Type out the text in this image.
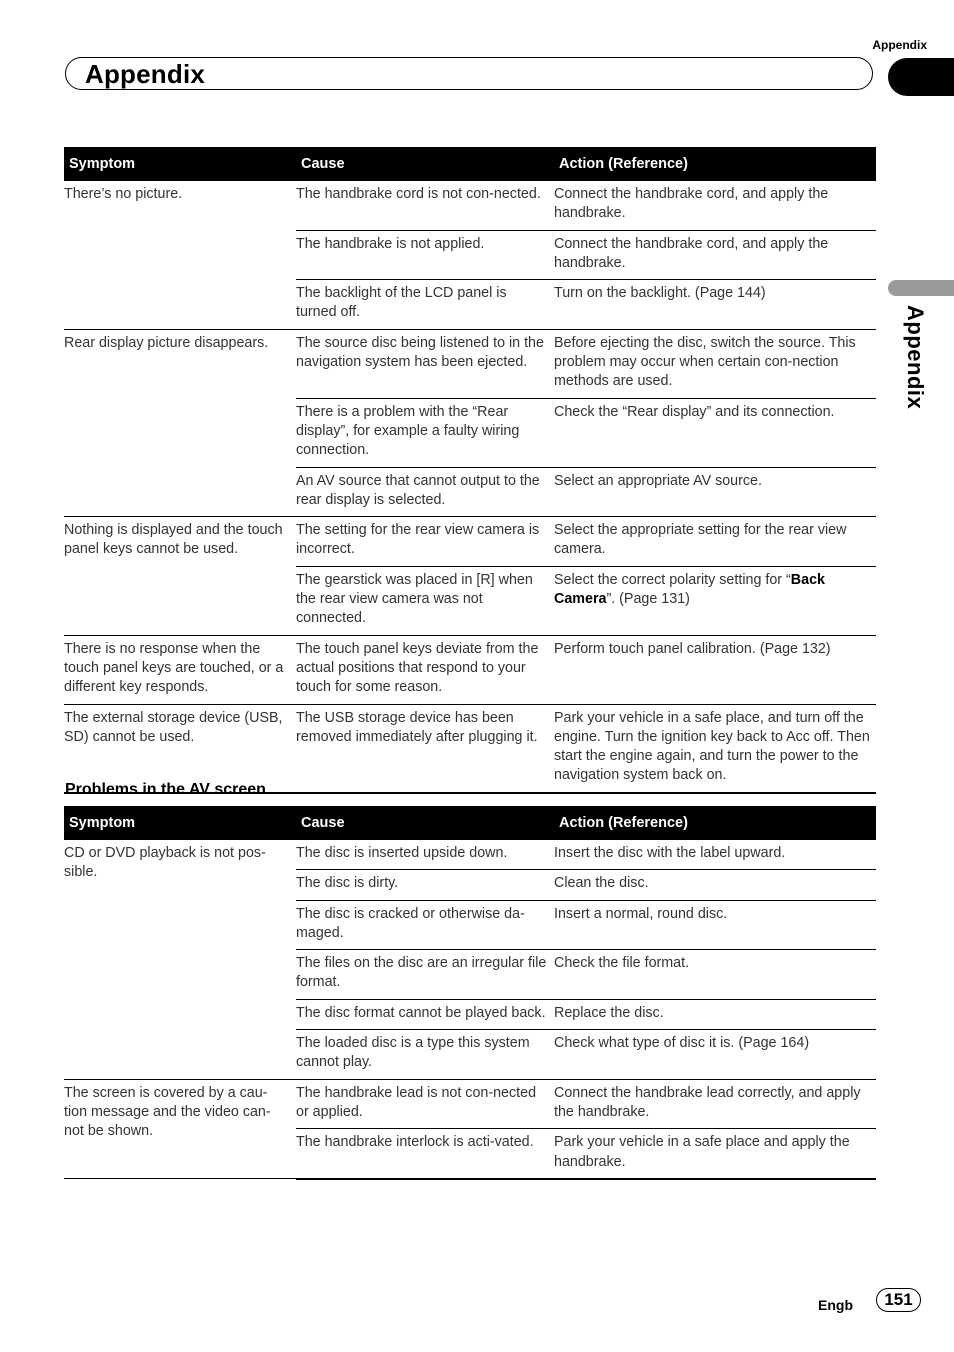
Appendix
Appendix
Appendix
Symptom	Cause	Action (Reference)
There’s no picture.	The handbrake cord is not con-nected.	Connect the handbrake cord, and apply the handbrake.
	The handbrake is not applied.	Connect the handbrake cord, and apply the handbrake.
	The backlight of the LCD panel is turned off.	Turn on the backlight. (Page 144)
Rear display picture disappears.	The source disc being listened to in the navigation system has been ejected.	Before ejecting the disc, switch the source. This problem may occur when certain con-nection methods are used.
	There is a problem with the “Rear display”, for example a faulty wiring connection.	Check the “Rear display” and its connection.
	An AV source that cannot output to the rear display is selected.	Select an appropriate AV source.
Nothing is displayed and the touch panel keys cannot be used.	The setting for the rear view camera is incorrect.	Select the appropriate setting for the rear view camera.
	The gearstick was placed in [R] when the rear view camera was not connected.	Select the correct polarity setting for “Back Camera”. (Page 131)
There is no response when the touch panel keys are touched, or a different key responds.	The touch panel keys deviate from the actual positions that respond to your touch for some reason.	Perform touch panel calibration. (Page 132)
The external storage device (USB, SD) cannot be used.	The USB storage device has been removed immediately after plugging it.	Park your vehicle in a safe place, and turn off the engine. Turn the ignition key back to Acc off. Then start the engine again, and turn the power to the navigation system back on.
Problems in the AV screen
Symptom	Cause	Action (Reference)
CD or DVD playback is not pos-sible.	The disc is inserted upside down.	Insert the disc with the label upward.
	The disc is dirty.	Clean the disc.
	The disc is cracked or otherwise da-maged.	Insert a normal, round disc.
	The files on the disc are an irregular file format.	Check the file format.
	The disc format cannot be played back.	Replace the disc.
	The loaded disc is a type this system cannot play.	Check what type of disc it is. (Page 164)
The screen is covered by a cau-tion message and the video can-not be shown.	The handbrake lead is not con-nected or applied.	Connect the handbrake lead correctly, and apply the handbrake.
	The handbrake interlock is acti-vated.	Park your vehicle in a safe place and apply the handbrake.
Engb	151
